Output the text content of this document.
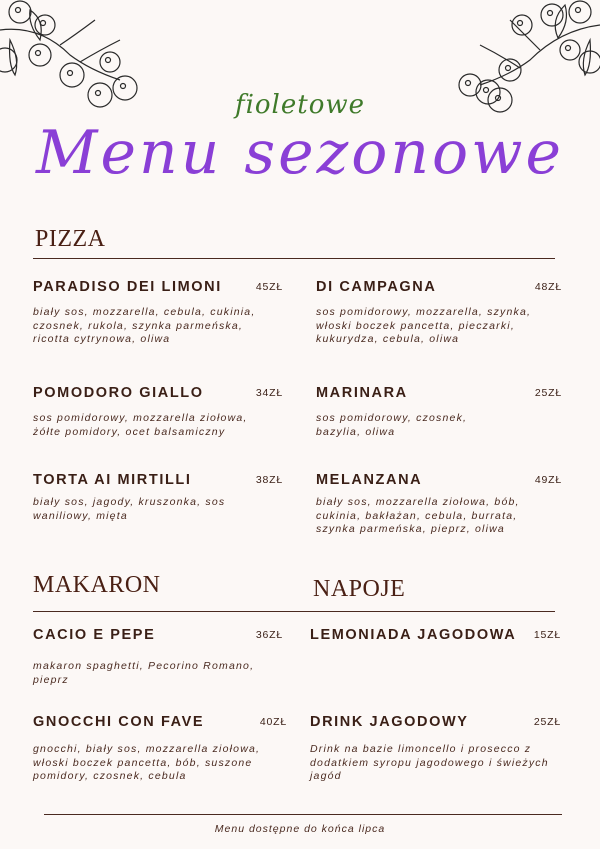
fioletowe
Menu sezonowe
PIZZA
PARADISO DEI LIMONI	45ZŁ
biały sos, mozzarella, cebula, cukinia, czosnek, rukola, szynka parmeńska, ricotta cytrynowa, oliwa
POMODORO GIALLO	34ZŁ
sos pomidorowy, mozzarella ziołowa, żółte pomidory, ocet balsamiczny
TORTA AI MIRTILLI	38ZŁ
biały sos, jagody, kruszonka, sos waniliowy, mięta
DI CAMPAGNA	48ZŁ
sos pomidorowy, mozzarella, szynka, włoski boczek pancetta, pieczarki, kukurydza, cebula, oliwa
MARINARA	25ZŁ
sos pomidorowy, czosnek, bazylia, oliwa
MELANZANA	49ZŁ
biały sos, mozzarella ziołowa, bób, cukinia, bakłażan, cebula, burrata, szynka parmeńska, pieprz, oliwa
MAKARON	NAPOJE
CACIO E PEPE	36ZŁ
makaron spaghetti, Pecorino Romano, pieprz
GNOCCHI CON FAVE	40ZŁ
gnocchi, biały sos, mozzarella ziołowa, włoski boczek pancetta, bób, suszone pomidory, czosnek, cebula
LEMONIADA JAGODOWA	15ZŁ
DRINK JAGODOWY	25ZŁ
Drink na bazie limoncello i prosecco z dodatkiem syropu jagodowego i świeżych jagód
Menu dostępne do końca lipca
